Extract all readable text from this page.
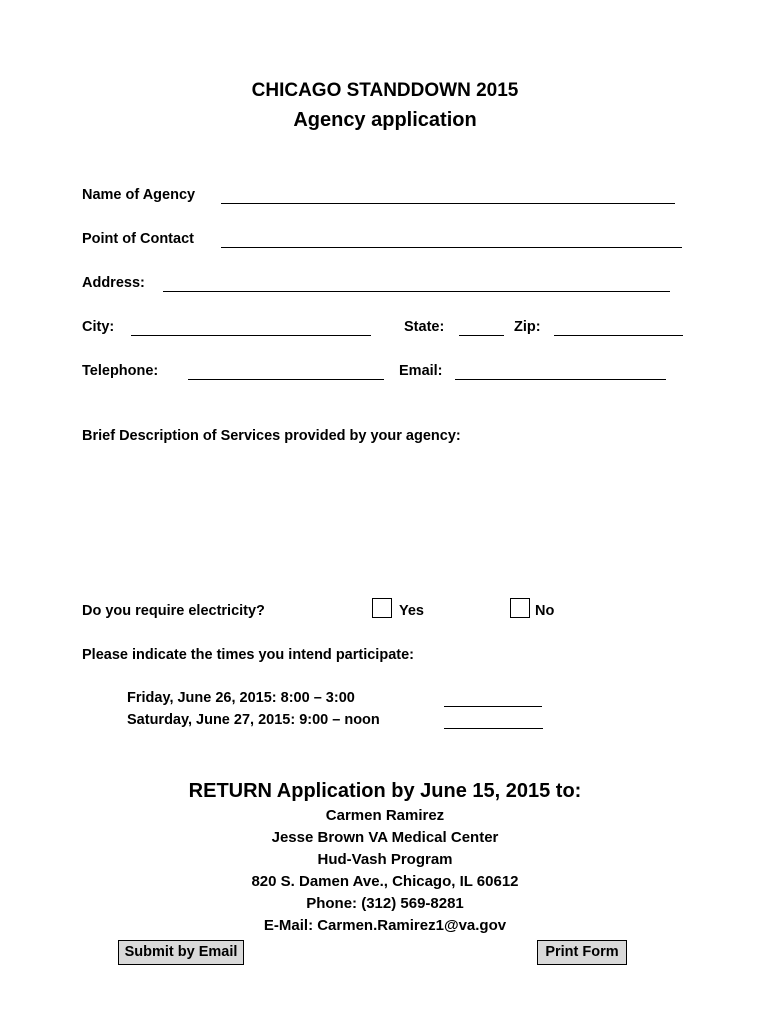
CHICAGO STANDDOWN 2015
Agency application
Name of Agency
Point of Contact
Address:
City:	State:	Zip:
Telephone:	Email:
Brief Description of Services provided by your agency:
Do you require electricity?	Yes	No
Please indicate the times you intend participate:
Friday, June 26, 2015: 8:00 – 3:00
Saturday, June 27, 2015: 9:00 – noon
RETURN Application by June 15, 2015 to:
Carmen Ramirez
Jesse Brown VA Medical Center
Hud-Vash Program
820 S. Damen Ave., Chicago, IL 60612
Phone: (312) 569-8281
E-Mail: Carmen.Ramirez1@va.gov
Submit by Email	Print Form
